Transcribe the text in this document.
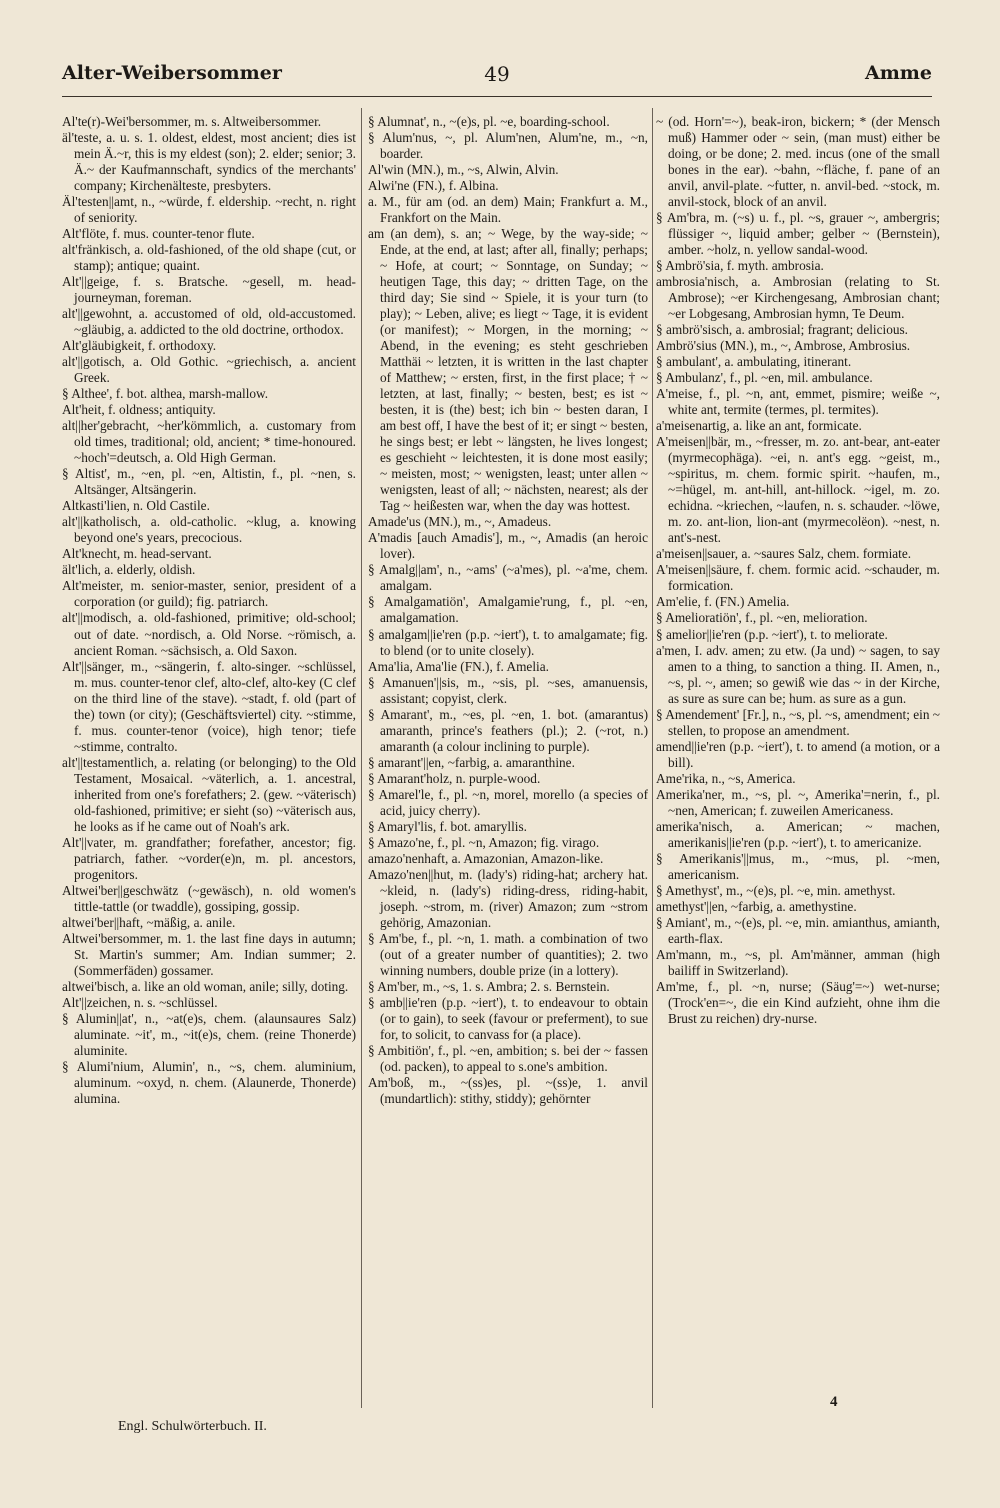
Alter-Weibersommer	49	Amme

Al'te(r)-Wei'bersommer, m. s. Altweibersommer.

äl'teste, a. u. s. 1. oldest, eldest, most ancient; dies ist mein Ä.~r, this is my eldest (son); 2. elder; senior; 3. Ä.~ der Kaufmannschaft, syndics of the merchants' company; Kirchenälteste, presbyters.

Äl'testen||amt, n., ~würde, f. eldership. ~recht, n. right of seniority.

Alt'flöte, f. mus. counter-tenor flute.

alt'fränkisch, a. old-fashioned, of the old shape (cut, or stamp); antique; quaint.

Alt'||geige, f. s. Bratsche. ~gesell, m. head-journeyman, foreman.

alt'||gewohnt, a. accustomed of old, old-accustomed. ~gläubig, a. addicted to the old doctrine, orthodox.

Alt'gläubigkeit, f. orthodoxy.

alt'||gotisch, a. Old Gothic. ~griechisch, a. ancient Greek.

§ Althee', f. bot. althea, marsh-mallow.

Alt'heit, f. oldness; antiquity.

alt||her'gebracht, ~her'kömmlich, a. customary from old times, traditional; old, ancient; * time-honoured. ~hoch'=deutsch, a. Old High German.

§ Altist', m., ~en, pl. ~en, Altistin, f., pl. ~nen, s. Altsänger, Altsängerin.

Altkasti'lien, n. Old Castile.

alt'||katholisch, a. old-catholic. ~klug, a. knowing beyond one's years, precocious.

Alt'knecht, m. head-servant.

ält'lich, a. elderly, oldish.

Alt'meister, m. senior-master, senior, president of a corporation (or guild); fig. patriarch.

alt'||modisch, a. old-fashioned, primitive; old-school; out of date. ~nordisch, a. Old Norse. ~römisch, a. ancient Roman. ~sächsisch, a. Old Saxon.

Alt'||sänger, m., ~sängerin, f. alto-singer. ~schlüssel, m. mus. counter-tenor clef, alto-clef, alto-key (C clef on the third line of the stave). ~stadt, f. old (part of the) town (or city); (Geschäftsviertel) city. ~stimme, f. mus. counter-tenor (voice), high tenor; tiefe ~stimme, contralto.

alt'||testamentlich, a. relating (or belonging) to the Old Testament, Mosaical. ~väterlich, a. 1. ancestral, inherited from one's forefathers; 2. (gew. ~väterisch) old-fashioned, primitive; er sieht (so) ~väterisch aus, he looks as if he came out of Noah's ark.

Alt'||vater, m. grandfather; forefather, ancestor; fig. patriarch, father. ~vorder(e)n, m. pl. ancestors, progenitors.

Altwei'ber||geschwätz (~gewäsch), n. old women's tittle-tattle (or twaddle), gossiping, gossip.

altwei'ber||haft, ~mäßig, a. anile.

Altwei'bersommer, m. 1. the last fine days in autumn; St. Martin's summer; Am. Indian summer; 2. (Sommerfäden) gossamer.

altwei'bisch, a. like an old woman, anile; silly, doting.

Alt'||zeichen, n. s. ~schlüssel.

§ Alumin||at', n., ~at(e)s, chem. (alaunsaures Salz) aluminate. ~it', m., ~it(e)s, chem. (reine Thonerde) aluminite.

§ Alumi'nium, Alumin', n., ~s, chem. aluminium, aluminum. ~oxyd, n. chem. (Alaunerde, Thonerde) alumina.

§ Alumnat', n., ~(e)s, pl. ~e, boarding-school.

§ Alum'nus, ~, pl. Alum'nen, Alum'ne, m., ~n, boarder.

Al'win (MN.), m., ~s, Alwin, Alvin.

Alwi'ne (FN.), f. Albina.

a. M., für am (od. an dem) Main; Frankfurt a. M., Frankfort on the Main.

am (an dem), s. an; ~ Wege, by the way-side; ~ Ende, at the end, at last; after all, finally; perhaps; ~ Hofe, at court; ~ Sonntage, on Sunday; ~ heutigen Tage, this day; ~ dritten Tage, on the third day; Sie sind ~ Spiele, it is your turn (to play); ~ Leben, alive; es liegt ~ Tage, it is evident (or manifest); ~ Morgen, in the morning; ~ Abend, in the evening; es steht geschrieben Matthäi ~ letzten, it is written in the last chapter of Matthew; ~ ersten, first, in the first place; † ~ letzten, at last, finally; ~ besten, best; es ist ~ besten, it is (the) best; ich bin ~ besten daran, I am best off, I have the best of it; er singt ~ besten, he sings best; er lebt ~ längsten, he lives longest; es geschieht ~ leichtesten, it is done most easily; ~ meisten, most; ~ wenigsten, least; unter allen ~ wenigsten, least of all; ~ nächsten, nearest; als der Tag ~ heißesten war, when the day was hottest.

Amade'us (MN.), m., ~, Amadeus.

A'madis [auch Amadis'], m., ~, Amadis (an heroic lover).

§ Amalg||am', n., ~ams' (~a'mes), pl. ~a'me, chem. amalgam.

§ Amalgamatiön', Amalgamie'rung, f., pl. ~en, amalgamation.

§ amalgam||ie'ren (p.p. ~iert'), t. to amalgamate; fig. to blend (or to unite closely).

Ama'lia, Ama'lie (FN.), f. Amelia.

§ Amanuen'||sis, m., ~sis, pl. ~ses, amanuensis, assistant; copyist, clerk.

§ Amarant', m., ~es, pl. ~en, 1. bot. (amarantus) amaranth, prince's feathers (pl.); 2. (~rot, n.) amaranth (a colour inclining to purple).

§ amarant'||en, ~farbig, a. amaranthine.

§ Amarant'holz, n. purple-wood.

§ Amarel'le, f., pl. ~n, morel, morello (a species of acid, juicy cherry).

§ Amaryl'lis, f. bot. amaryllis.

§ Amazo'ne, f., pl. ~n, Amazon; fig. virago.

amazo'nenhaft, a. Amazonian, Amazon-like.

Amazo'nen||hut, m. (lady's) riding-hat; archery hat. ~kleid, n. (lady's) riding-dress, riding-habit, joseph. ~strom, m. (river) Amazon; zum ~strom gehörig, Amazonian.

§ Am'be, f., pl. ~n, 1. math. a combination of two (out of a greater number of quantities); 2. two winning numbers, double prize (in a lottery).

§ Am'ber, m., ~s, 1. s. Ambra; 2. s. Bernstein.

§ amb||ie'ren (p.p. ~iert'), t. to endeavour to obtain (or to gain), to seek (favour or preferment), to sue for, to solicit, to canvass for (a place).

§ Ambitiön', f., pl. ~en, ambition; s. bei der ~ fassen (od. packen), to appeal to s.one's ambition.

Am'boß, m., ~(ss)es, pl. ~(ss)e, 1. anvil (mundartlich): stithy, stiddy); gehörnter

~ (od. Horn'=~), beak-iron, bickern; * (der Mensch muß) Hammer oder ~ sein, (man must) either be doing, or be done; 2. med. incus (one of the small bones in the ear). ~bahn, ~fläche, f. pane of an anvil, anvil-plate. ~futter, n. anvil-bed. ~stock, m. anvil-stock, block of an anvil.

§ Am'bra, m. (~s) u. f., pl. ~s, grauer ~, ambergris; flüssiger ~, liquid amber; gelber ~ (Bernstein), amber. ~holz, n. yellow sandal-wood.

§ Ambrö'sia, f. myth. ambrosia.

ambrosia'nisch, a. Ambrosian (relating to St. Ambrose); ~er Kirchengesang, Ambrosian chant; ~er Lobgesang, Ambrosian hymn, Te Deum.

§ ambrö'sisch, a. ambrosial; fragrant; delicious.

Ambrö'sius (MN.), m., ~, Ambrose, Ambrosius.

§ ambulant', a. ambulating, itinerant.

§ Ambulanz', f., pl. ~en, mil. ambulance.

A'meise, f., pl. ~n, ant, emmet, pismire; weiße ~, white ant, termite (termes, pl. termites).

a'meisenartig, a. like an ant, formicate.

A'meisen||bär, m., ~fresser, m. zo. ant-bear, ant-eater (myrmecophäga). ~ei, n. ant's egg. ~geist, m., ~spiritus, m. chem. formic spirit. ~haufen, m., ~=hügel, m. ant-hill, ant-hillock. ~igel, m. zo. echidna. ~kriechen, ~laufen, n. s. schauder. ~löwe, m. zo. ant-lion, lion-ant (myrmecolëon). ~nest, n. ant's-nest.

a'meisen||sauer, a. ~saures Salz, chem. formiate.

A'meisen||säure, f. chem. formic acid. ~schauder, m. formication.

Am'elie, f. (FN.) Amelia.

§ Amelioratiön', f., pl. ~en, melioration.

§ amelior||ie'ren (p.p. ~iert'), t. to meliorate.

a'men, I. adv. amen; zu etw. (Ja und) ~ sagen, to say amen to a thing, to sanction a thing. II. Amen, n., ~s, pl. ~, amen; so gewiß wie das ~ in der Kirche, as sure as sure can be; hum. as sure as a gun.

§ Amendement' [Fr.], n., ~s, pl. ~s, amendment; ein ~ stellen, to propose an amendment.

amend||ie'ren (p.p. ~iert'), t. to amend (a motion, or a bill).

Ame'rika, n., ~s, America.

Amerika'ner, m., ~s, pl. ~, Amerika'=nerin, f., pl. ~nen, American; f. zuweilen Americaness.

amerika'nisch, a. American; ~ machen, amerikanis||ie'ren (p.p. ~iert'), t. to americanize.

§ Amerikanis'||mus, m., ~mus, pl. ~men, americanism.

§ Amethyst', m., ~(e)s, pl. ~e, min. amethyst.

amethyst'||en, ~farbig, a. amethystine.

§ Amiant', m., ~(e)s, pl. ~e, min. amianthus, amianth, earth-flax.

Am'mann, m., ~s, pl. Am'männer, amman (high bailiff in Switzerland).

Am'me, f., pl. ~n, nurse; (Säug'=~) wet-nurse; (Trock'en=~, die ein Kind aufzieht, ohne ihm die Brust zu reichen) dry-nurse.

4
Engl. Schulwörterbuch. II.
